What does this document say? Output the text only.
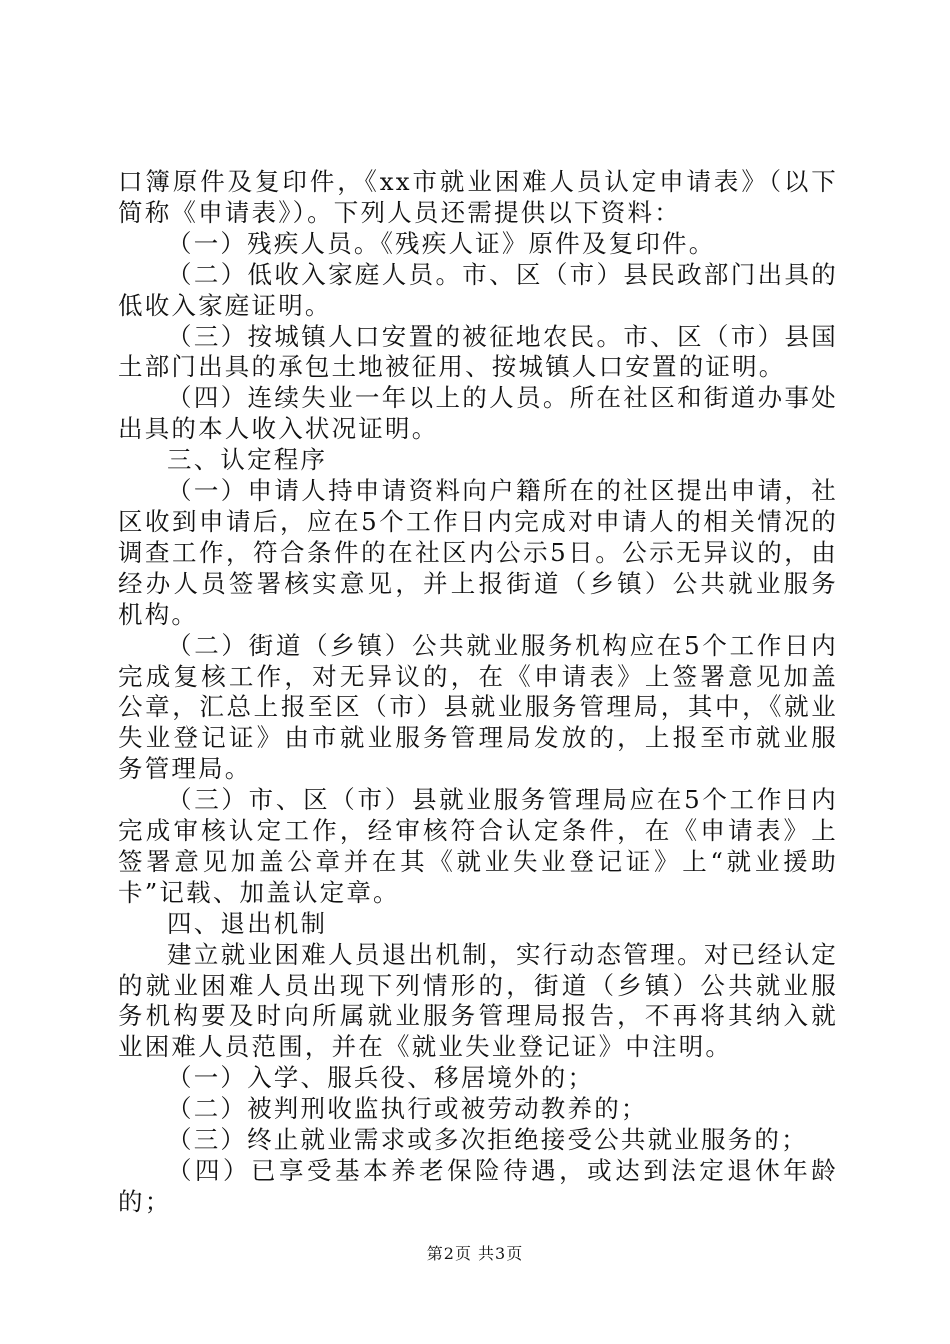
口簿原件及复印件，《xx市就业困难人员认定申请表》（以下简称《申请表》）。下列人员还需提供以下资料：

（一）残疾人员。《残疾人证》原件及复印件。

（二）低收入家庭人员。市、区（市）县民政部门出具的低收入家庭证明。

（三）按城镇人口安置的被征地农民。市、区（市）县国土部门出具的承包土地被征用、按城镇人口安置的证明。

（四）连续失业一年以上的人员。所在社区和街道办事处出具的本人收入状况证明。

三、认定程序

（一）申请人持申请资料向户籍所在的社区提出申请，社区收到申请后，应在5个工作日内完成对申请人的相关情况的调查工作，符合条件的在社区内公示5日。公示无异议的，由经办人员签署核实意见，并上报街道（乡镇）公共就业服务机构。

（二）街道（乡镇）公共就业服务机构应在5个工作日内完成复核工作，对无异议的，在《申请表》上签署意见加盖公章，汇总上报至区（市）县就业服务管理局，其中，《就业失业登记证》由市就业服务管理局发放的，上报至市就业服务管理局。

（三）市、区（市）县就业服务管理局应在5个工作日内完成审核认定工作，经审核符合认定条件，在《申请表》上签署意见加盖公章并在其《就业失业登记证》上“就业援助卡”记载、加盖认定章。

四、退出机制

建立就业困难人员退出机制，实行动态管理。对已经认定的就业困难人员出现下列情形的，街道（乡镇）公共就业服务机构要及时向所属就业服务管理局报告，不再将其纳入就业困难人员范围，并在《就业失业登记证》中注明。

（一）入学、服兵役、移居境外的；

（二）被判刑收监执行或被劳动教养的；

（三）终止就业需求或多次拒绝接受公共就业服务的；

（四）已享受基本养老保险待遇，或达到法定退休年龄的；

第2页 共3页
